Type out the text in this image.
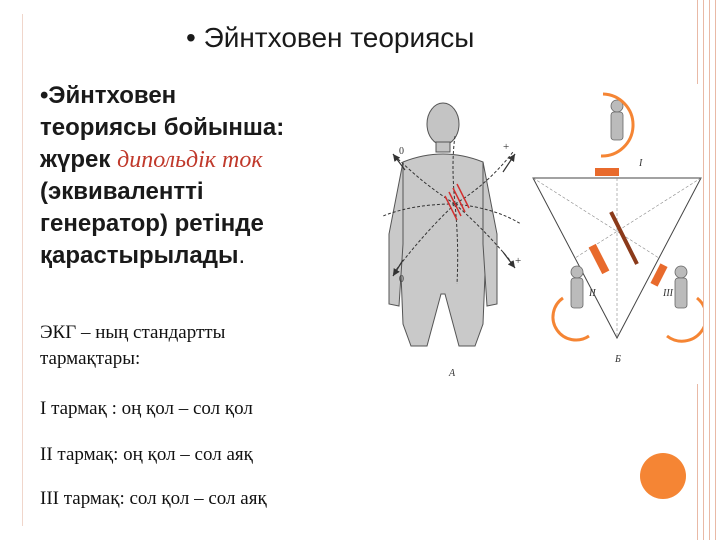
• Эйнтховен теориясы
•Эйнтховен
теориясы бойынша:
жүрек дипольдік ток
(эквиваленттi
генератор) ретінде
қарастырылады.
ЭКГ – ның стандартты
тармақтары:
I тармақ : оң қол – сол қол
II тармақ: оң қол – сол аяқ
III тармақ: сол қол – сол аяқ
0	+
0
+
А
I
II	III
Б
